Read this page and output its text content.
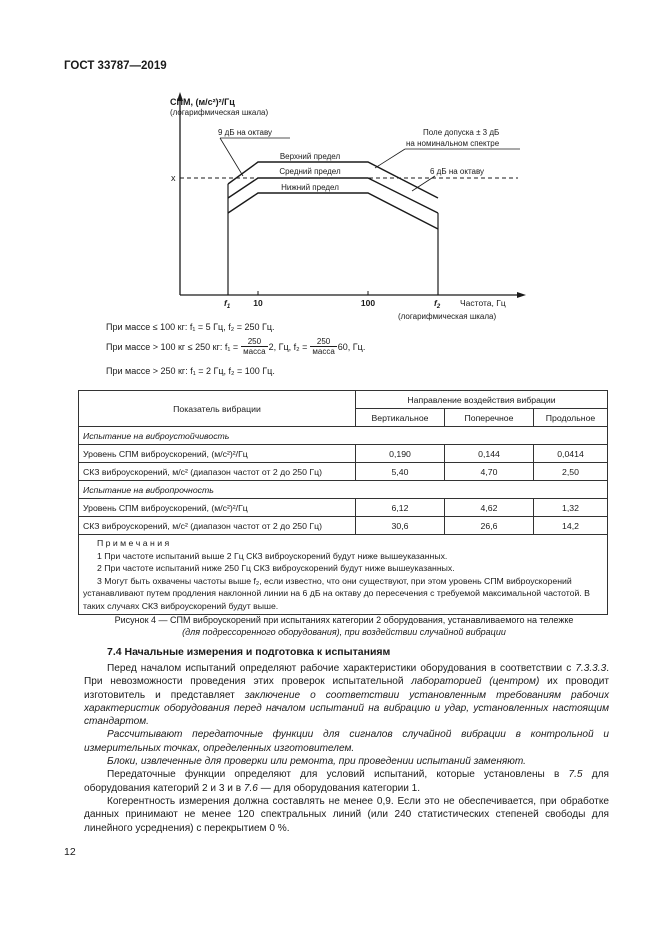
ГОСТ 33787—2019
СПМ, (м/с²)²/Гц
(логарифмическая шкала)
x
Верхний предел
Средний предел
Нижний предел
9 дБ на октаву	Поле допуска ± 3 дБ
на номинальном спектре
6 дБ на октаву
$f_1$	10	100	$f_2$ Частота, Гц
(логарифмическая шкала)
При массе ≤ 100 кг: f₁ = 5 Гц, f₂ = 250 Гц.
При массе > 100 кг ≤ 250 кг: $f_1 = \frac{250}{\text{масса}} 2$, Гц, $f_2 = \frac{250}{\text{масса}} 60$, Гц.
При массе > 250 кг: f₁ = 2 Гц, f₂ = 100 Гц.
Показатель вибрации	Направление воздействия вибрации		
	Вертикальное	Поперечное	Продольное
Испытание на виброустойчивость			
Уровень СПМ виброускорений, (м/с²)²/Гц	0,190	0,144	0,0414
СКЗ виброускорений, м/с² (диапазон частот от 2 до 250 Гц)	5,40	4,70	2,50
Испытание на вибропрочность			
Уровень СПМ виброускорений, (м/с²)²/Гц	6,12	4,62	1,32
СКЗ виброускорений, м/с² (диапазон частот от 2 до 250 Гц)	30,6	26,6	14,2

П р и м е ч а н и я

1 При частоте испытаний выше 2 Гц СКЗ виброускорений будут ниже вышеуказанных.

2 При частоте испытаний ниже 250 Гц СКЗ виброускорений будут ниже вышеуказанных.

3 Могут быть охвачены частоты выше f₂, если известно, что они существуют, при этом уровень СПМ виброускорений устанавливают путем продления наклонной линии на 6 дБ на октаву до пересечения с требуемой максимальной частотой. В таких случаях СКЗ виброускорений будут выше.			

Рисунок 4 — СПМ виброускорений при испытаниях категории 2 оборудования, устанавливаемого на тележке
(для подрессоренного оборудования), при воздействии случайной вибрации
7.4 Начальные измерения и подготовка к испытаниям

Перед началом испытаний определяют рабочие характеристики оборудования в соответствии с 7.3.3.3. При невозможности проведения этих проверок испытательной лабораторией (центром) их проводит изготовитель и представляет заключение о соответствии установленным требованиям рабочих характеристик оборудования перед началом испытаний на вибрацию и удар, установленных настоящим стандартом.

Рассчитывают передаточные функции для сигналов случайной вибрации в контрольной и измерительных точках, определенных изготовителем.

Блоки, извлеченные для проверки или ремонта, при проведении испытаний заменяют.

Передаточные функции определяют для условий испытаний, которые установлены в 7.5 для оборудования категорий 2 и 3 и в 7.6 — для оборудования категории 1.

Когерентность измерения должна составлять не менее 0,9. Если это не обеспечивается, при обработке данных принимают не менее 120 спектральных линий (или 240 статистических степеней свободы для линейного усреднения) с перекрытием 0 %.

12
